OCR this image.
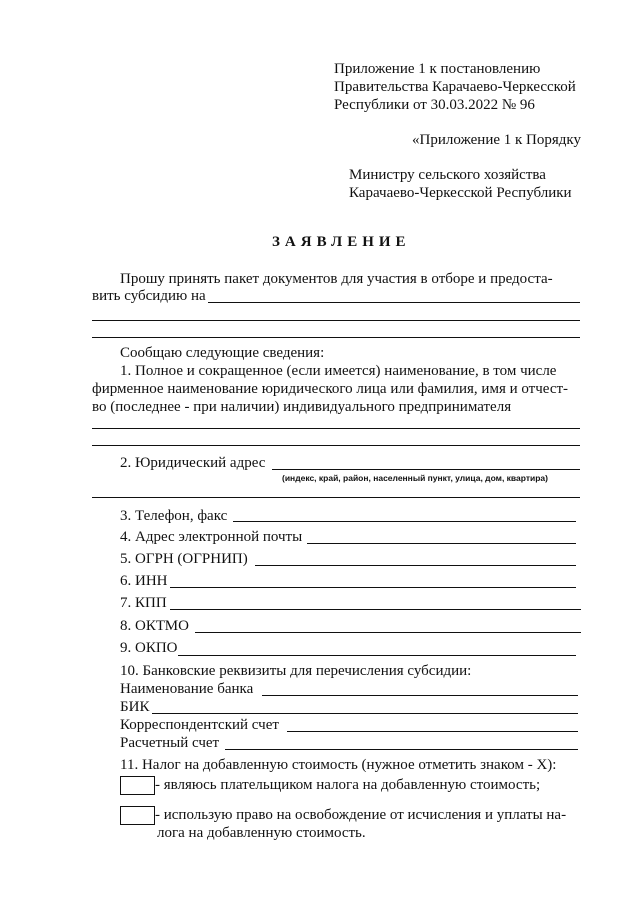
Приложение 1 к постановлению
Правительства Карачаево-Черкесской
Республики от 30.03.2022 № 96
«Приложение 1 к Порядку
Министру сельского хозяйства
Карачаево-Черкесской Республики
ЗАЯВЛЕНИЕ
Прошу принять пакет документов для участия в отборе и предоста-
вить субсидию на
Сообщаю следующие сведения:
1. Полное и сокращенное (если имеется) наименование, в том числе
фирменное наименование юридического лица или фамилия, имя и отчест-
во (последнее - при наличии) индивидуального предпринимателя
2. Юридический адрес
(индекс, край, район, населенный пункт, улица, дом, квартира)
3. Телефон, факс
4. Адрес электронной почты
5. ОГРН (ОГРНИП)
6. ИНН
7. КПП
8. ОКТМО
9. ОКПО
10. Банковские реквизиты для перечисления субсидии:
Наименование банка
БИК
Корреспондентский счет
Расчетный счет
11. Налог на добавленную стоимость (нужное отметить знаком - Х):
- являюсь плательщиком налога на добавленную стоимость;
- использую право на освобождение от исчисления и уплаты на-
лога на добавленную стоимость.
